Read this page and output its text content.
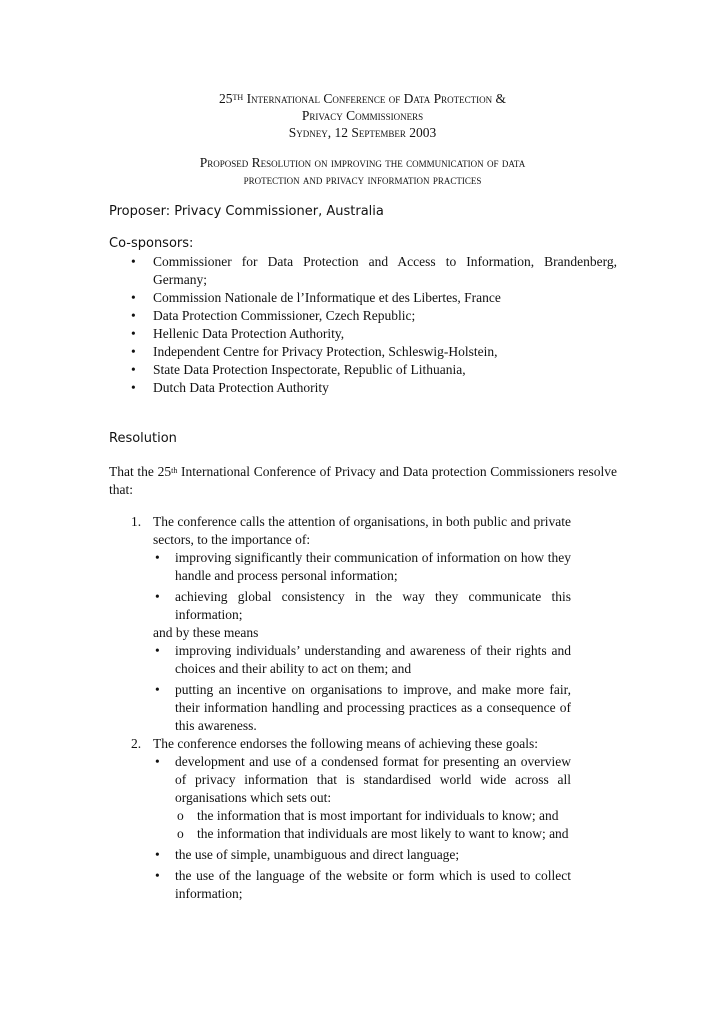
25TH International Conference of Data Protection &
Privacy Commissioners
Sydney, 12 September 2003
Proposed Resolution on improving the communication of data
protection and privacy information practices
Proposer: Privacy Commissioner, Australia
Co-sponsors:
• Commissioner for Data Protection and Access to Information, Brandenberg, Germany;
• Commission Nationale de l’Informatique et des Libertes, France
• Data Protection Commissioner, Czech Republic;
• Hellenic Data Protection Authority,
• Independent Centre for Privacy Protection, Schleswig-Holstein,
• State Data Protection Inspectorate, Republic of Lithuania,
• Dutch Data Protection Authority
Resolution
That the 25th International Conference of Privacy and Data protection Commissioners resolve that:
1. The conference calls the attention of organisations, in both public and private sectors, to the importance of:
• improving significantly their communication of information on how they handle and process personal information;
• achieving global consistency in the way they communicate this information;
and by these means
• improving individuals’ understanding and awareness of their rights and choices and their ability to act on them; and
• putting an incentive on organisations to improve, and make more fair, their information handling and processing practices as a consequence of this awareness.
2. The conference endorses the following means of achieving these goals:
• development and use of a condensed format for presenting an overview of privacy information that is standardised world wide across all organisations which sets out:
o the information that is most important for individuals to know; and
o the information that individuals are most likely to want to know; and
• the use of simple, unambiguous and direct language;
• the use of the language of the website or form which is used to collect information;
